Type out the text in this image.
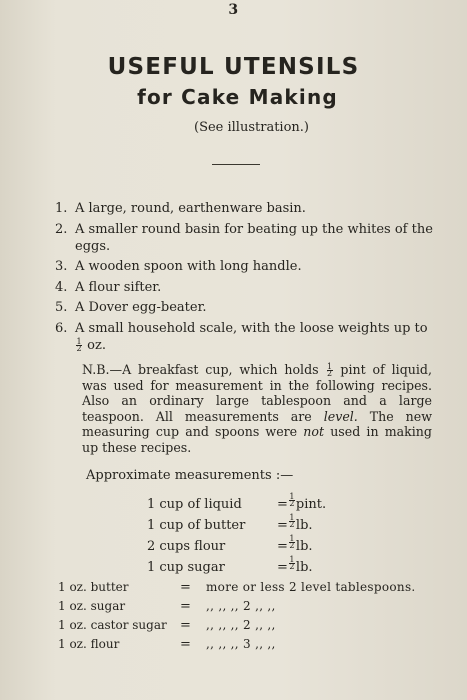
3
USEFUL UTENSILS
for Cake Making
(See illustration.)
1. A large, round, earthenware basin.
2. A smaller round basin for beating up the whites of the eggs.
3. A wooden spoon with long handle.
4. A flour sifter.
5. A Dover egg-beater.
6. A small household scale, with the loose weights up to
$\frac{1}{2}$ oz.
N.B.—A breakfast cup, which holds $\frac{1}{2}$ pint of liquid, was used for measurement in the following recipes. Also an ordinary large tablespoon and a large teaspoon. All measurements are level. The new measuring cup and spoons were not used in making up these recipes.
Approximate measurements :—
1 cup of liquid	= $\frac{1}{2}$ pint.
1 cup of butter	= $\frac{1}{2}$ lb.
2 cups flour	= $\frac{1}{2}$ lb.
1 cup sugar	= $\frac{1}{2}$ lb.
1 oz. butter	=	more or less 2 level tablespoons.
1 oz. sugar	=	,, ,, ,, 2 ,, ,,
1 oz. castor sugar	=	,, ,, ,, 2 ,, ,,
1 oz. flour	=	,, ,, ,, 3 ,, ,,
